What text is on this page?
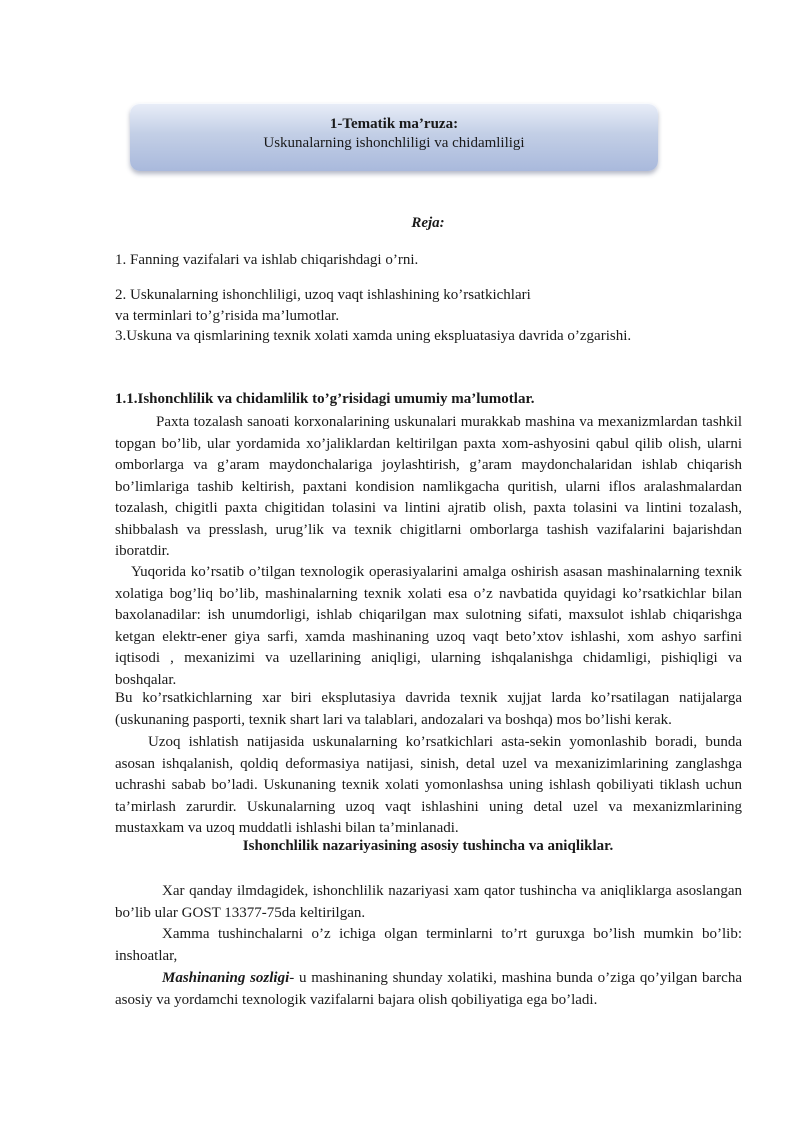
1-Tematik ma’ruza:
Uskunalarning ishonchliligi va chidamliligi
Reja:
1. Fanning vazifalari va ishlab chiqarishdagi o’rni.
2. Uskunalarning ishonchliligi, uzoq vaqt ishlashining ko’rsatkichlari
va terminlari to’g’risida ma’lumotlar.
3.Uskuna va qismlarining texnik xolati xamda uning ekspluatasiya davrida o’zgarishi.
1.1.Ishonchlilik va chidamlilik to’g’risidagi umumiy ma’lumotlar.

Paxta tozalash sanoati korxonalarining uskunalari murakkab mashina va mexanizmlardan tashkil topgan bo’lib, ular yordamida xo’jaliklardan keltirilgan paxta xom-ashyosini qabul qilib olish, ularni omborlarga va g’aram maydonchalariga joylashtirish, g’aram maydonchalaridan ishlab chiqarish bo’limlariga tashib keltirish, paxtani kondision namlikgacha quritish, ularni iflos aralashmalardan tozalash, chigitli paxta chigitidan tolasini va lintini ajratib olish, paxta tolasini va lintini tozalash, shibbalash va presslash, urug’lik va texnik chigitlarni omborlarga tashish vazifalarini bajarishdan iboratdir.

Yuqorida ko’rsatib o’tilgan texnologik operasiyalarini amalga oshirish asasan mashinalarning texnik xolatiga bog’liq bo’lib, mashinalarning texnik xolati esa o’z navbatida quyidagi ko’rsatkichlar bilan baxolanadilar: ish unumdorligi, ishlab chiqarilgan max sulotning sifati, maxsulot ishlab chiqarishga ketgan elektr-ener giya sarfi, xamda mashinaning uzoq vaqt beto’xtov ishlashi, xom ashyo sarfini iqtisodi , mexanizimi va uzellarining aniqligi, ularning ishqalanishga chidamligi, pishiqligi va boshqalar.

Bu ko’rsatkichlarning xar biri eksplutasiya davrida texnik xujjat larda ko’rsatilagan natijalarga (uskunaning pasporti, texnik shart lari va talablari, andozalari va boshqa) mos bo’lishi kerak.

Uzoq ishlatish natijasida uskunalarning ko’rsatkichlari asta-sekin yomonlashib boradi, bunda asosan ishqalanish, qoldiq deformasiya natijasi, sinish, detal uzel va mexanizimlarining zanglashga uchrashi sabab bo’ladi. Uskunaning texnik xolati yomonlashsa uning ishlash qobiliyati tiklash uchun ta’mirlash zarurdir. Uskunalarning uzoq vaqt ishlashini uning detal uzel va mexanizmlarining mustaxkam va uzoq muddatli ishlashi bilan ta’minlanadi.

Ishonchlilik nazariyasining asosiy tushincha va aniqliklar.

Xar qanday ilmdagidek, ishonchlilik nazariyasi xam qator tushincha va aniqliklarga asoslangan bo’lib ular GOST 13377-75da keltirilgan.

Xamma tushinchalarni o’z ichiga olgan terminlarni to’rt guruxga bo’lish mumkin bo’lib: inshoatlar,

Mashinaning sozligi- u mashinaning shunday xolatiki, mashina bunda o’ziga qo’yilgan barcha asosiy va yordamchi texnologik vazifalarni bajara olish qobiliyatiga ega bo’ladi.
